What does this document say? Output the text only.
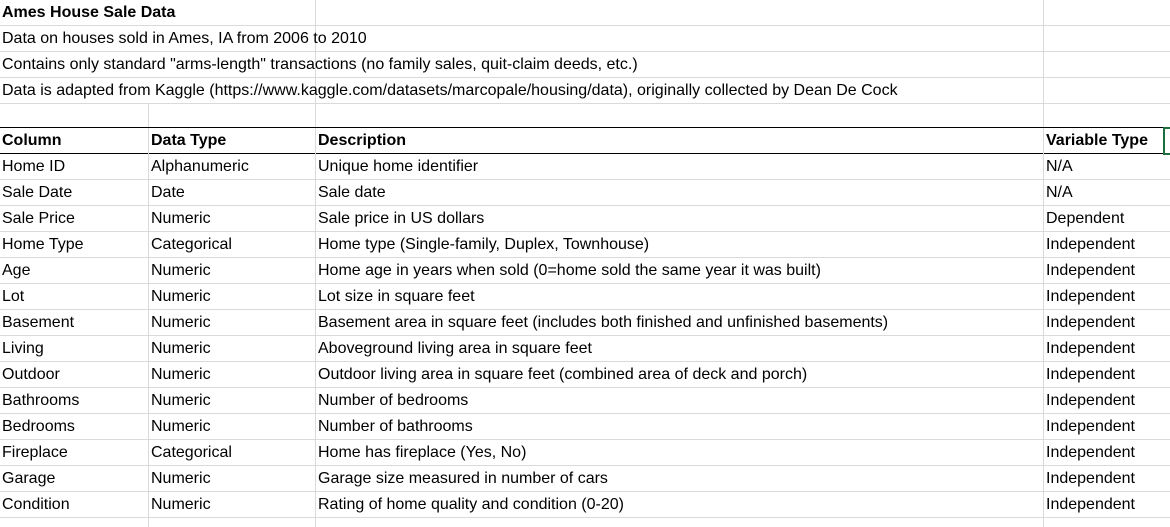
Ames House Sale Data
Data on houses sold in Ames, IA from 2006 to 2010
Contains only standard "arms-length" transactions (no family sales, quit-claim deeds, etc.)
Data is adapted from Kaggle (https://www.kaggle.com/datasets/marcopale/housing/data), originally collected by Dean De Cock
Column	Data Type	Description	Variable Type
Home ID	Alphanumeric	Unique home identifier	N/A
Sale Date	Date	Sale date	N/A
Sale Price	Numeric	Sale price in US dollars	Dependent
Home Type	Categorical	Home type (Single-family, Duplex, Townhouse)	Independent
Age	Numeric	Home age in years when sold (0=home sold the same year it was built)	Independent
Lot	Numeric	Lot size in square feet	Independent
Basement	Numeric	Basement area in square feet (includes both finished and unfinished basements)	Independent
Living	Numeric	Aboveground living area in square feet	Independent
Outdoor	Numeric	Outdoor living area in square feet (combined area of deck and porch)	Independent
Bathrooms	Numeric	Number of bedrooms	Independent
Bedrooms	Numeric	Number of bathrooms	Independent
Fireplace	Categorical	Home has fireplace (Yes, No)	Independent
Garage	Numeric	Garage size measured in number of cars	Independent
Condition	Numeric	Rating of home quality and condition (0-20)	Independent
